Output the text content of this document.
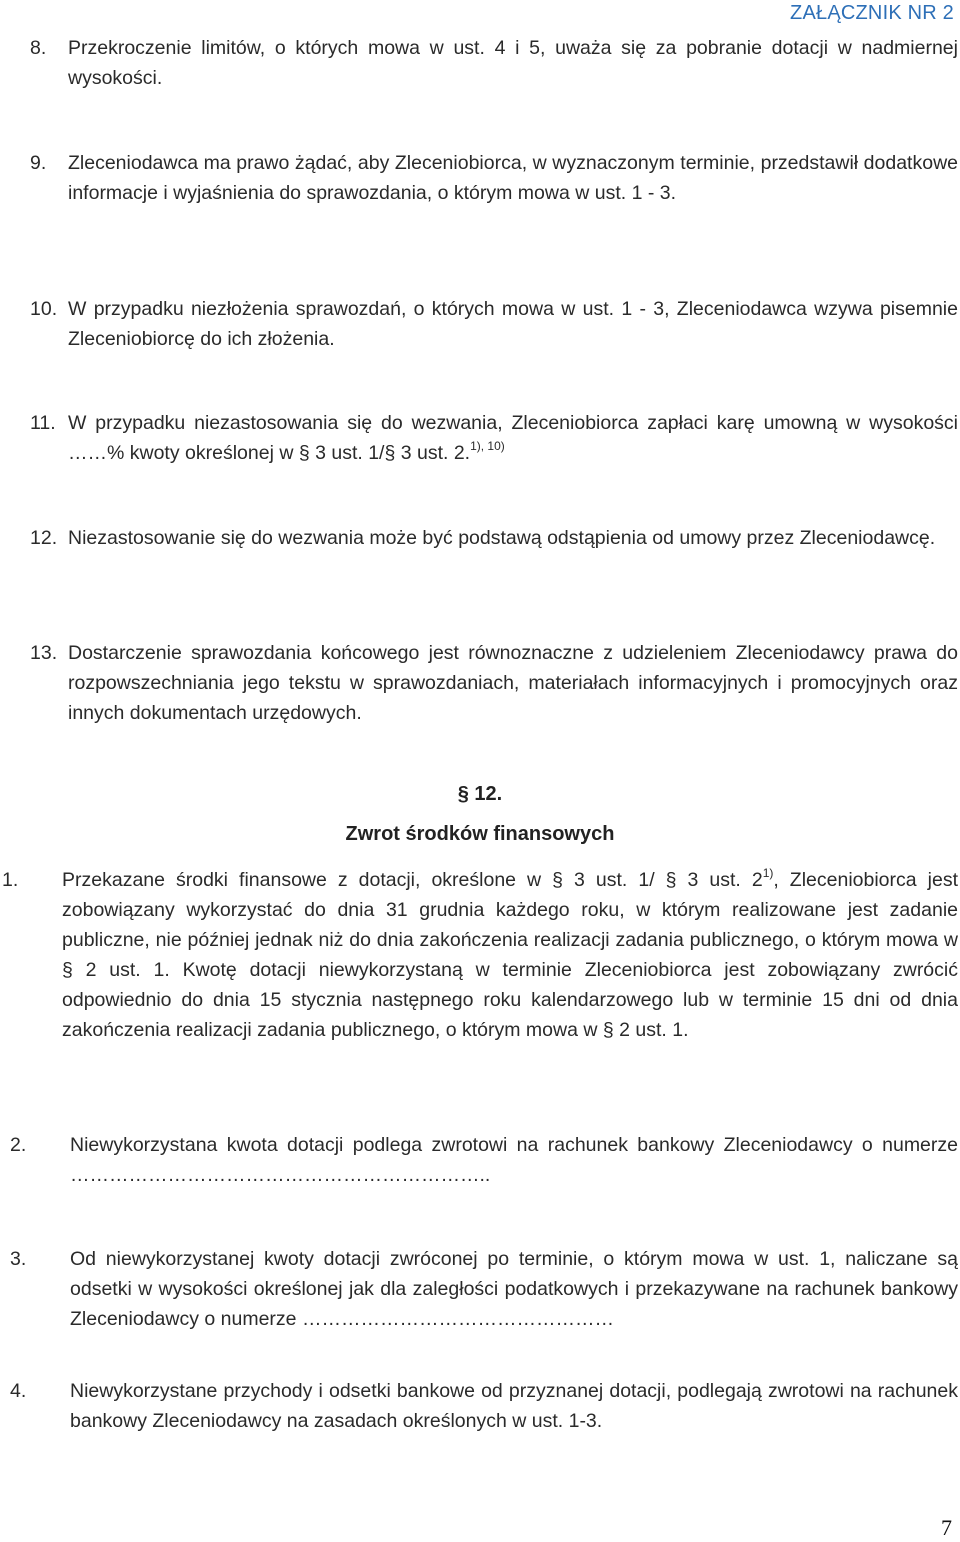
ZAŁĄCZNIK NR 2
8. Przekroczenie limitów, o których mowa w ust. 4 i 5, uważa się za pobranie dotacji w nadmiernej wysokości.
9. Zleceniodawca ma prawo żądać, aby Zleceniobiorca, w wyznaczonym terminie, przedstawił dodatkowe informacje i wyjaśnienia do sprawozdania, o którym mowa w ust. 1 - 3.
10. W przypadku niezłożenia sprawozdań, o których mowa w ust. 1 - 3, Zleceniodawca wzywa pisemnie Zleceniobiorcę do ich złożenia.
11. W przypadku niezastosowania się do wezwania, Zleceniobiorca zapłaci karę umowną w wysokości ……% kwoty określonej w § 3 ust. 1/§ 3 ust. 2.$^{1), 10)}$
12. Niezastosowanie się do wezwania może być podstawą odstąpienia od umowy przez Zleceniodawcę.
13. Dostarczenie sprawozdania końcowego jest równoznaczne z udzieleniem Zleceniodawcy prawa do rozpowszechniania jego tekstu w sprawozdaniach, materiałach informacyjnych i promocyjnych oraz innych dokumentach urzędowych.
§ 12.
Zwrot środków finansowych
1. Przekazane środki finansowe z dotacji, określone w § 3 ust. 1/ § 3 ust. 2$^{1)}$, Zleceniobiorca jest zobowiązany wykorzystać do dnia 31 grudnia każdego roku, w którym realizowane jest zadanie publiczne, nie później jednak niż do dnia zakończenia realizacji zadania publicznego, o którym mowa w § 2 ust. 1. Kwotę dotacji niewykorzystaną w terminie Zleceniobiorca jest zobowiązany zwrócić odpowiednio do dnia 15 stycznia następnego roku kalendarzowego lub w terminie 15 dni od dnia zakończenia realizacji zadania publicznego, o którym mowa w § 2 ust. 1.
2. Niewykorzystana kwota dotacji podlega zwrotowi na rachunek bankowy Zleceniodawcy o numerze ………………………………………………………..
3. Od niewykorzystanej kwoty dotacji zwróconej po terminie, o którym mowa w ust. 1, naliczane są odsetki w wysokości określonej jak dla zaległości podatkowych i przekazywane na rachunek bankowy Zleceniodawcy o numerze …………………………………………
4. Niewykorzystane przychody i odsetki bankowe od przyznanej dotacji, podlegają zwrotowi na rachunek bankowy Zleceniodawcy na zasadach określonych w ust. 1-3.
7
